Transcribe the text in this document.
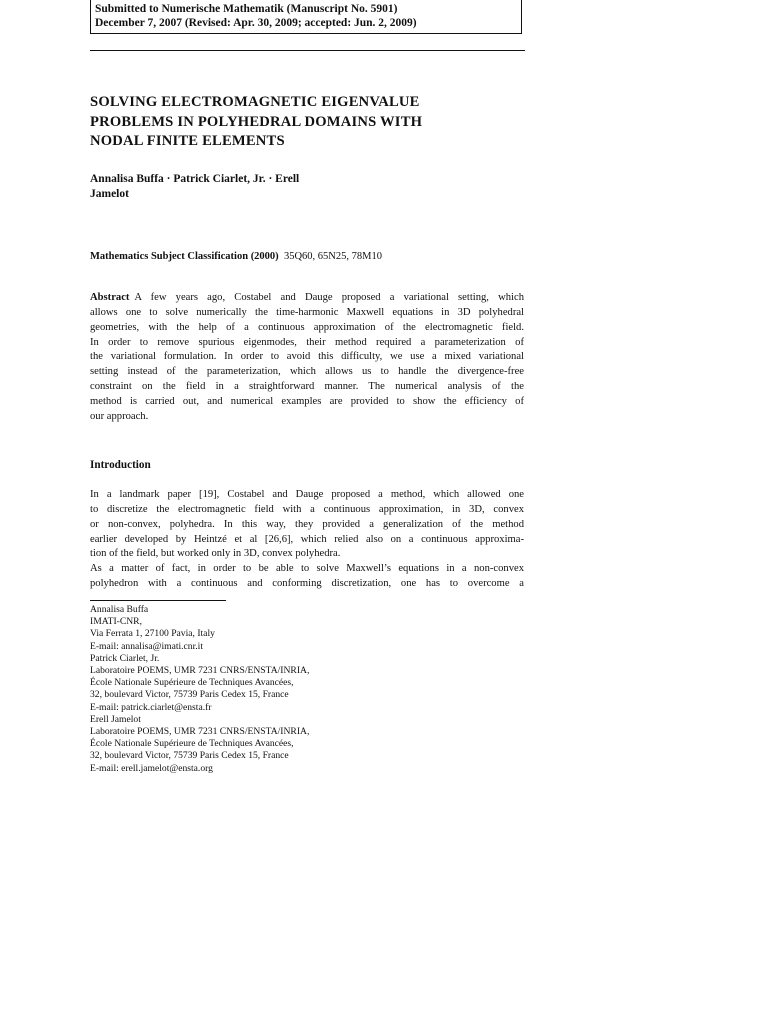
Submitted to Numerische Mathematik (Manuscript No. 5901)
December 7, 2007 (Revised: Apr. 30, 2009; accepted: Jun. 2, 2009)
SOLVING ELECTROMAGNETIC EIGENVALUE
PROBLEMS IN POLYHEDRAL DOMAINS WITH
NODAL FINITE ELEMENTS
Annalisa Buffa · Patrick Ciarlet, Jr. · Erell
Jamelot
Mathematics Subject Classification (2000) 35Q60, 65N25, 78M10
Abstract A few years ago, Costabel and Dauge proposed a variational setting, which
allows one to solve numerically the time-harmonic Maxwell equations in 3D polyhedral
geometries, with the help of a continuous approximation of the electromagnetic field.
In order to remove spurious eigenmodes, their method required a parameterization of
the variational formulation. In order to avoid this difficulty, we use a mixed variational
setting instead of the parameterization, which allows us to handle the divergence-free
constraint on the field in a straightforward manner. The numerical analysis of the
method is carried out, and numerical examples are provided to show the efficiency of
our approach.
Introduction
In a landmark paper [19], Costabel and Dauge proposed a method, which allowed one
to discretize the electromagnetic field with a continuous approximation, in 3D, convex
or non-convex, polyhedra. In this way, they provided a generalization of the method
earlier developed by Heintzé et al [26,6], which relied also on a continuous approxima-
tion of the field, but worked only in 3D, convex polyhedra.
As a matter of fact, in order to be able to solve Maxwell’s equations in a non-convex
polyhedron with a continuous and conforming discretization, one has to overcome a
Annalisa Buffa
IMATI-CNR,
Via Ferrata 1, 27100 Pavia, Italy
E-mail: annalisa@imati.cnr.it
Patrick Ciarlet, Jr.
Laboratoire POEMS, UMR 7231 CNRS/ENSTA/INRIA,
École Nationale Supérieure de Techniques Avancées,
32, boulevard Victor, 75739 Paris Cedex 15, France
E-mail: patrick.ciarlet@ensta.fr
Erell Jamelot
Laboratoire POEMS, UMR 7231 CNRS/ENSTA/INRIA,
École Nationale Supérieure de Techniques Avancées,
32, boulevard Victor, 75739 Paris Cedex 15, France
E-mail: erell.jamelot@ensta.org
